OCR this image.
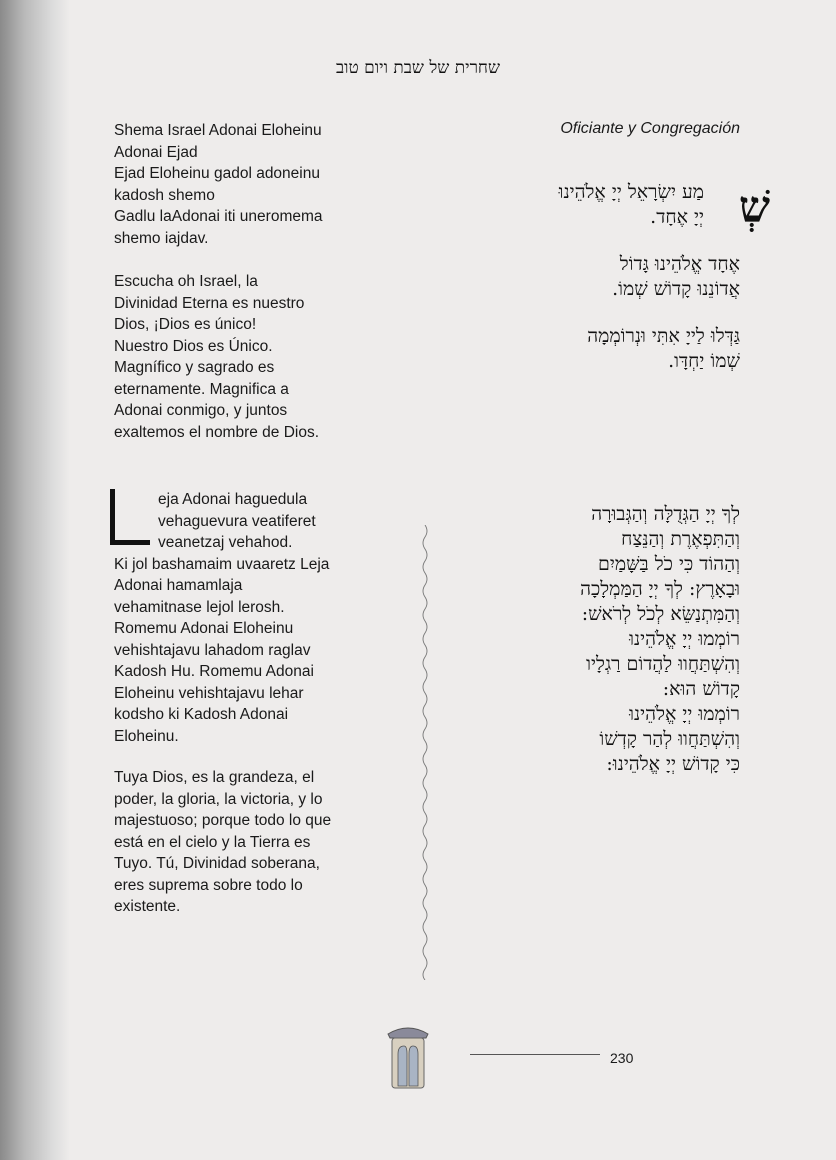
שחרית של שבת ויום טוב

Shema Israel Adonai Eloheinu
Adonai Ejad
Ejad Eloheinu gadol adoneinu
kadosh shemo
Gadlu laAdonai iti uneromema
shemo iajdav.

Escucha oh Israel, la
Divinidad Eterna es nuestro
Dios, ¡Dios es único!
Nuestro Dios es Único.
Magnífico y sagrado es
eternamente. Magnifica a
Adonai conmigo, y juntos
exaltemos el nombre de Dios.

eja Adonai haguedula
vehaguevura veatiferet
veanetzaj vehahod.
Ki jol bashamaim uvaaretz Leja
Adonai hamamlaja
vehamitnase lejol lerosh.
Romemu Adonai Eloheinu
vehishtajavu lahadom raglav
Kadosh Hu. Romemu Adonai
Eloheinu vehishtajavu lehar
kodsho ki Kadosh Adonai
Eloheinu.

Tuya Dios, es la grandeza, el
poder, la gloria, la victoria, y lo
majestuoso; porque todo lo que
está en el cielo y la Tierra es
Tuyo. Tú, Divinidad soberana,
eres suprema sobre todo lo
existente.

Oficiante y Congregación
שְׁ
מַע יִשְׂרָאֵל יְיָ אֱלֹהֵינוּ
יְיָ אֶחָד.
אֶחָד אֱלֹהֵינוּ גָּדוֹל
אֲדוֹנֵנוּ קָדוֹשׁ שְׁמוֹ.
גַּדְּלוּ לַייָ אִתִּי וּנְרוֹמְמָה
שְׁמוֹ יַחְדָּו.
לְךָ יְיָ הַגְּדֻלָּה וְהַגְּבוּרָה
וְהַתִּפְאֶרֶת וְהַנֵּצַח
וְהַהוֹד כִּי כֹל בַּשָּׁמַיִם
וּבָאָרֶץ: לְךָ יְיָ הַמַּמְלָכָה
וְהַמִּתְנַשֵּׂא לְכֹל לְרֹאשׁ:
רוֹמְמוּ יְיָ אֱלֹהֵינוּ
וְהִשְׁתַּחֲווּ לַהֲדוֹם רַגְלָיו
קָדוֹשׁ הוּא:
רוֹמְמוּ יְיָ אֱלֹהֵינוּ
וְהִשְׁתַּחֲווּ לְהַר קָדְשׁוֹ
כִּי קָדוֹשׁ יְיָ אֱלֹהֵינוּ:
230
